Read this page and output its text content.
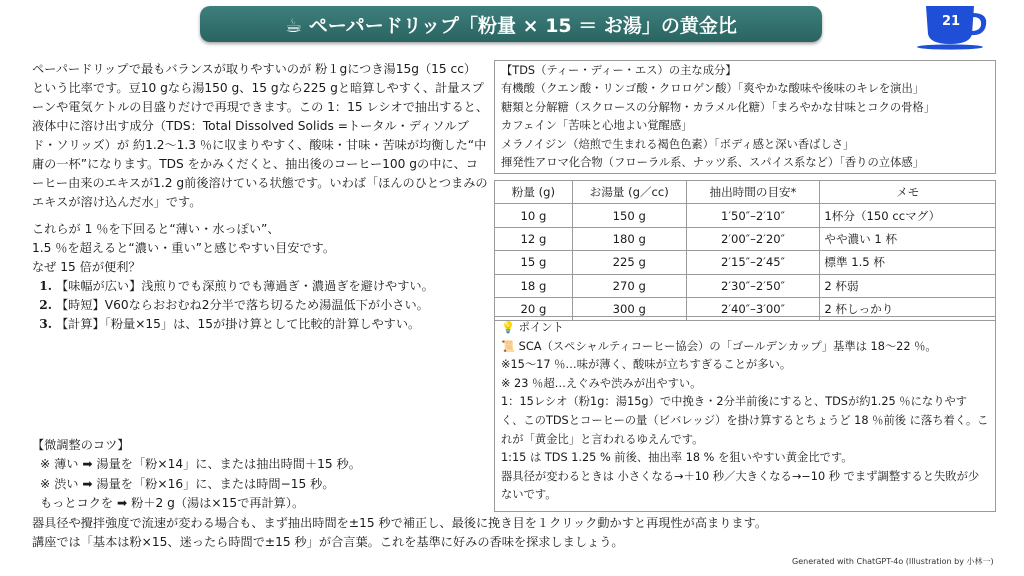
☕ ペーパードリップ「粉量 × 15 ＝ お湯」の黄金比	21

ペーパードリップで最もバランスが取りやすいのが 粉１gにつき湯15g（15 cc） という比率です。豆10 gなら湯150 g、15 gなら225 gと暗算しやすく、計量スプーンや電気ケトルの目盛りだけで再現できます。この 1：15 レシオで抽出すると、液体中に溶け出す成分（TDS：Total Dissolved Solids =トータル・ディソルブド・ソリッズ）が 約1.2〜1.3 ％に収まりやすく、酸味・甘味・苦味が均衡した“中庸の一杯”になります。TDS をかみくだくと、抽出後のコーヒー100 gの中に、コーヒー由来のエキスが1.2 g前後溶けている状態です。いわば「ほんのひとつまみのエキスが溶け込んだ水」です。

これらが 1 ％を下回ると“薄い・水っぽい”、

1.5 ％を超えると“濃い・重い”と感じやすい目安です。

なぜ 15 倍が便利？

1. 【味幅が広い】浅煎りでも深煎りでも薄過ぎ・濃過ぎを避けやすい。
2. 【時短】V60ならおおむね2分半で落ち切るため湯温低下が小さい。
3. 【計算】「粉量×15」は、15が掛け算として比較的計算しやすい。
【TDS（ティー・ディー・エス）の主な成分】
有機酸（クエン酸・リンゴ酸・クロロゲン酸）「爽やかな酸味や後味のキレを演出」
糖類と分解糖（スクロースの分解物・カラメル化糖）「まろやかな甘味とコクの骨格」
カフェイン「苦味と心地よい覚醒感」
メラノイジン（焙煎で生まれる褐色色素）「ボディ感と深い香ばしさ」
揮発性アロマ化合物（フローラル系、ナッツ系、スパイス系など）「香りの立体感」
粉量 (g)	お湯量 (g／cc)	抽出時間の目安*	メモ
10 g	150 g	1′50″–2′10″	1杯分（150 ccマグ）
12 g	180 g	2′00″–2′20″	やや濃い 1 杯
15 g	225 g	2′15″–2′45″	標準 1.5 杯
18 g	270 g	2′30″–2′50″	2 杯弱
20 g	300 g	2′40″–3′00″	2 杯しっかり
💡 ポイント
📜 SCA（スペシャルティコーヒー協会）の「ゴールデンカップ」基準は 18〜22 ％。
※15〜17 ％…味が薄く、酸味が立ちすぎることが多い。
※ 23 ％超…えぐみや渋みが出やすい。
1：15レシオ（粉1g：湯15g）で中挽き・2分半前後にすると、TDSが約1.25 ％になりやすく、このTDSとコーヒーの量（ビバレッジ）を掛け算するとちょうど 18 ％前後 に落ち着く。これが「黄金比」と言われるゆえんです。
1:15 は TDS 1.25 % 前後、抽出率 18 % を狙いやすい黄金比です。
器具径が変わるときは 小さくなる→＋10 秒／大きくなる→−10 秒 でまず調整すると失敗が少ないです。
【微調整のコツ】
※ 薄い ➡ 湯量を「粉×14」に、または抽出時間＋15 秒。
※ 渋い ➡ 湯量を「粉×16」に、または時間−15 秒。
もっとコクを ➡ 粉＋2 g（湯は×15で再計算）。
器具径や攪拌強度で流速が変わる場合も、まず抽出時間を±15 秒で補正し、最後に挽き目を１クリック動かすと再現性が高まります。
講座では「基本は粉×15、迷ったら時間で±15 秒」が合言葉。これを基準に好みの香味を探求しましょう。
Generated with ChatGPT-4o (Illustration by 小林一)
